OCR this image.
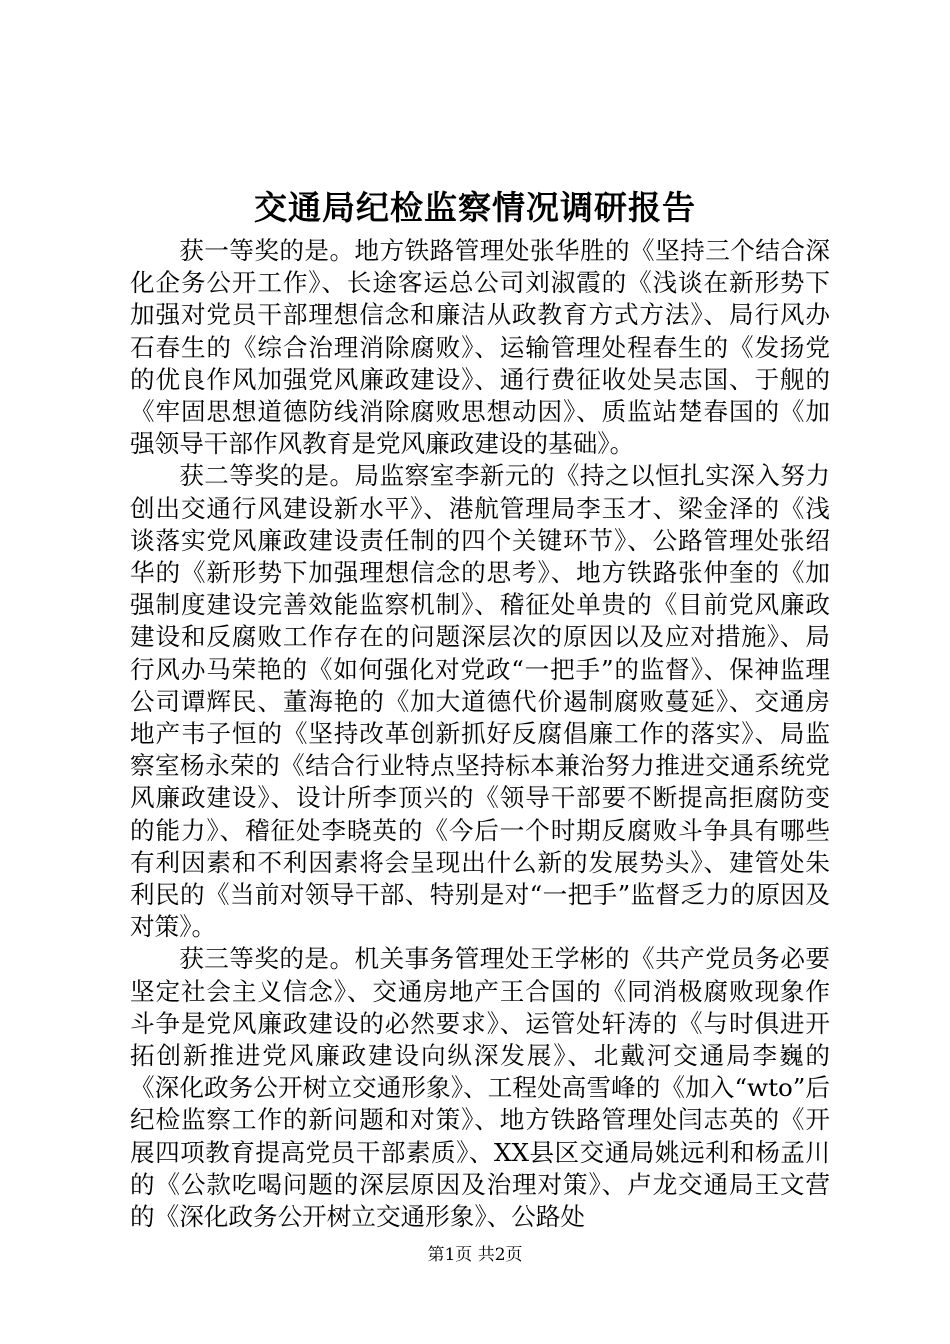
交通局纪检监察情况调研报告

获一等奖的是。地方铁路管理处张华胜的《坚持三个结合深化企务公开工作》、长途客运总公司刘淑霞的《浅谈在新形势下加强对党员干部理想信念和廉洁从政教育方式方法》、局行风办石春生的《综合治理消除腐败》、运输管理处程春生的《发扬党的优良作风加强党风廉政建设》、通行费征收处吴志国、于舰的《牢固思想道德防线消除腐败思想动因》、质监站楚春国的《加强领导干部作风教育是党风廉政建设的基础》。

获二等奖的是。局监察室李新元的《持之以恒扎实深入努力创出交通行风建设新水平》、港航管理局李玉才、梁金泽的《浅谈落实党风廉政建设责任制的四个关键环节》、公路管理处张绍华的《新形势下加强理想信念的思考》、地方铁路张仲奎的《加强制度建设完善效能监察机制》、稽征处单贵的《目前党风廉政建设和反腐败工作存在的问题深层次的原因以及应对措施》、局行风办马荣艳的《如何强化对党政“一把手”的监督》、保神监理公司谭辉民、董海艳的《加大道德代价遏制腐败蔓延》、交通房地产韦子恒的《坚持改革创新抓好反腐倡廉工作的落实》、局监察室杨永荣的《结合行业特点坚持标本兼治努力推进交通系统党风廉政建设》、设计所李顶兴的《领导干部要不断提高拒腐防变的能力》、稽征处李晓英的《今后一个时期反腐败斗争具有哪些有利因素和不利因素将会呈现出什么新的发展势头》、建管处朱利民的《当前对领导干部、特别是对“一把手”监督乏力的原因及对策》。

获三等奖的是。机关事务管理处王学彬的《共产党员务必要坚定社会主义信念》、交通房地产王合国的《同消极腐败现象作斗争是党风廉政建设的必然要求》、运管处轩涛的《与时俱进开拓创新推进党风廉政建设向纵深发展》、北戴河交通局李巍的《深化政务公开树立交通形象》、工程处高雪峰的《加入“wto”后纪检监察工作的新问题和对策》、地方铁路管理处闫志英的《开展四项教育提高党员干部素质》、XX县区交通局姚远利和杨孟川的《公款吃喝问题的深层原因及治理对策》、卢龙交通局王文营的《深化政务公开树立交通形象》、公路处

第1页 共2页
